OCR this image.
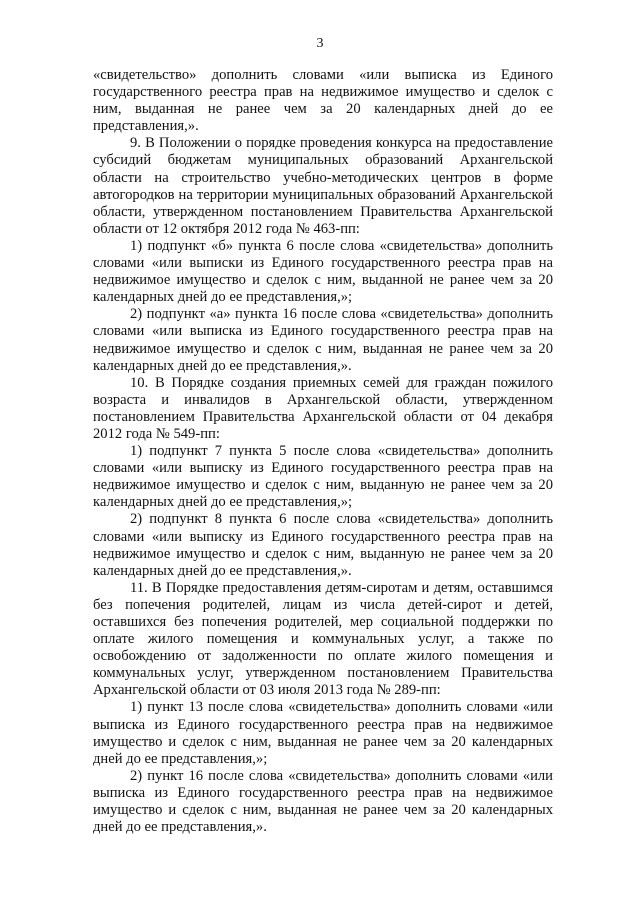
3

«свидетельство» дополнить словами «или выписка из Единого государственного реестра прав на недвижимое имущество и сделок с ним, выданная не ранее чем за 20 календарных дней до ее представления,».

9. В Положении о порядке проведения конкурса на предоставление субсидий бюджетам муниципальных образований Архангельской области на строительство учебно-методических центров в форме автогородков на территории муниципальных образований Архангельской области, утвержденном постановлением Правительства Архангельской области от 12 октября 2012 года № 463-пп:

1) подпункт «б» пункта 6 после слова «свидетельства» дополнить словами «или выписки из Единого государственного реестра прав на недвижимое имущество и сделок с ним, выданной не ранее чем за 20 календарных дней до ее представления,»;

2) подпункт «а» пункта 16 после слова «свидетельства» дополнить словами «или выписка из Единого государственного реестра прав на недвижимое имущество и сделок с ним, выданная не ранее чем за 20 календарных дней до ее представления,».

10. В Порядке создания приемных семей для граждан пожилого возраста и инвалидов в Архангельской области, утвержденном постановлением Правительства Архангельской области от 04 декабря 2012 года № 549-пп:

1) подпункт 7 пункта 5 после слова «свидетельства» дополнить словами «или выписку из Единого государственного реестра прав на недвижимое имущество и сделок с ним, выданную не ранее чем за 20 календарных дней до ее представления,»;

2) подпункт 8 пункта 6 после слова «свидетельства» дополнить словами «или выписку из Единого государственного реестра прав на недвижимое имущество и сделок с ним, выданную не ранее чем за 20 календарных дней до ее представления,».

11. В Порядке предоставления детям-сиротам и детям, оставшимся без попечения родителей, лицам из числа детей-сирот и детей, оставшихся без попечения родителей, мер социальной поддержки по оплате жилого помещения и коммунальных услуг, а также по освобождению от задолженности по оплате жилого помещения и коммунальных услуг, утвержденном постановлением Правительства Архангельской области от 03 июля 2013 года № 289-пп:

1) пункт 13 после слова «свидетельства» дополнить словами «или выписка из Единого государственного реестра прав на недвижимое имущество и сделок с ним, выданная не ранее чем за 20 календарных дней до ее представления,»;

2) пункт 16 после слова «свидетельства» дополнить словами «или выписка из Единого государственного реестра прав на недвижимое имущество и сделок с ним, выданная не ранее чем за 20 календарных дней до ее представления,».
